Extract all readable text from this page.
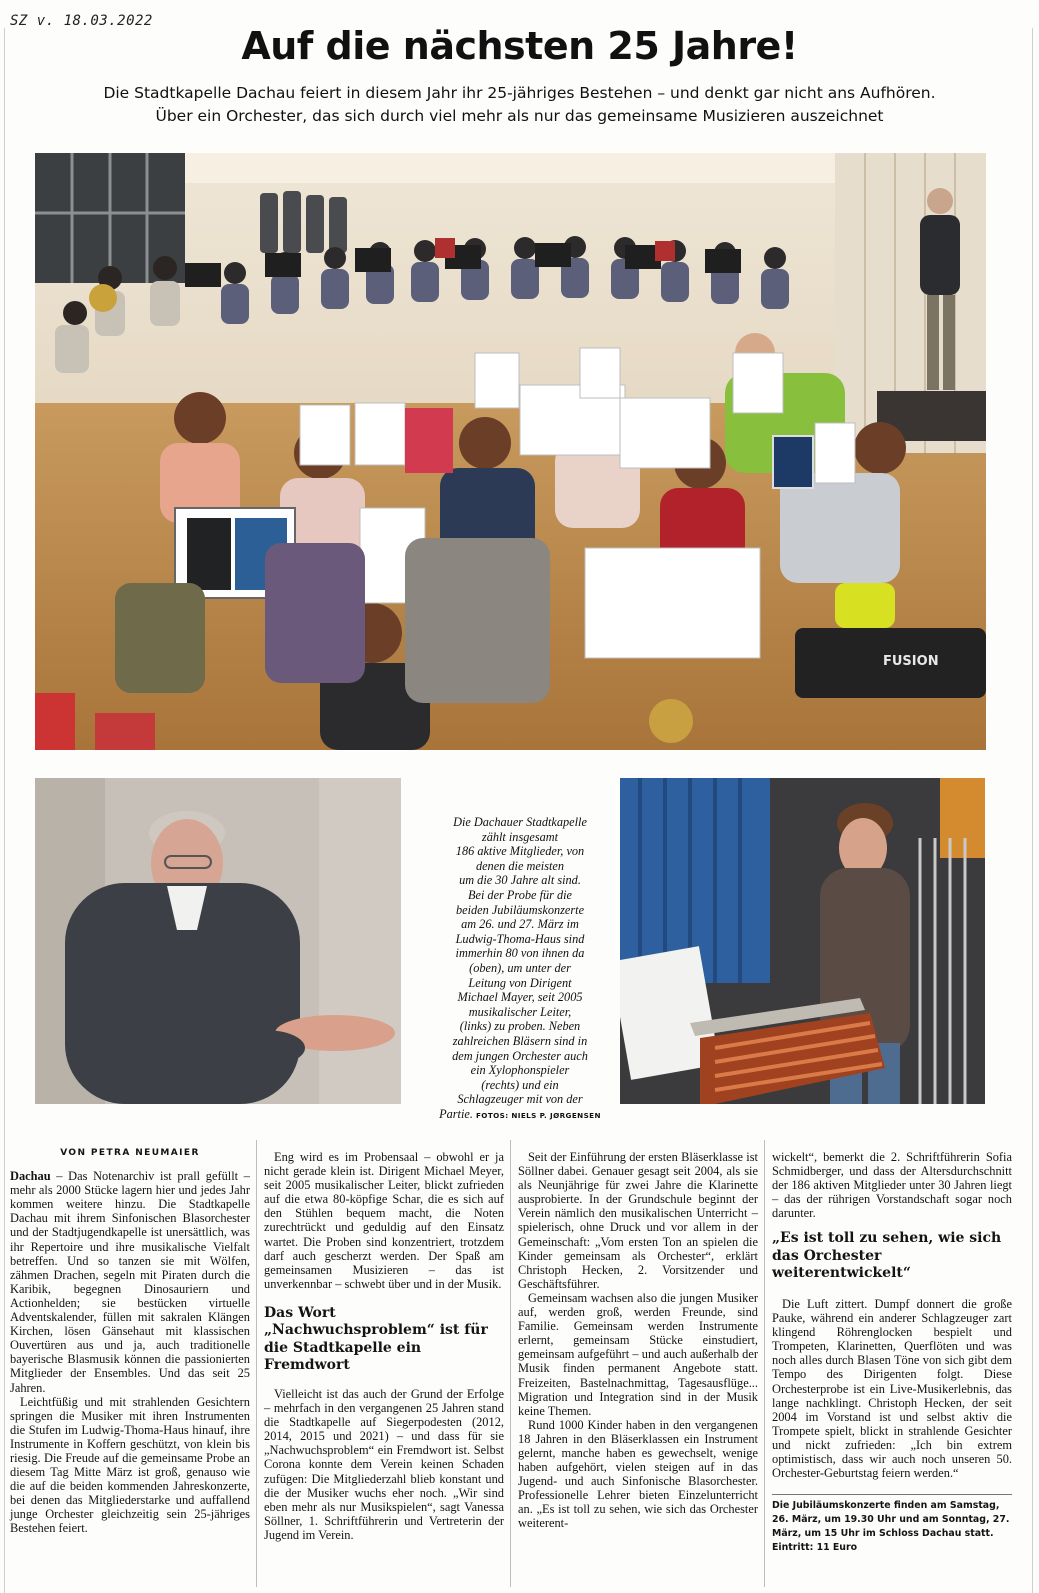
SZ v. 18.03.2022
Auf die nächsten 25 Jahre!
Die Stadtkapelle Dachau feiert in diesem Jahr ihr 25-jähriges Bestehen – und denkt gar nicht ans Aufhören.
Über ein Orchester, das sich durch viel mehr als nur das gemeinsame Musizieren auszeichnet
FUSION
Die Dachauer Stadtkapelle
zählt insgesamt
186 aktive Mitglieder, von
denen die meisten
um die 30 Jahre alt sind.
Bei der Probe für die
beiden Jubiläumskonzerte
am 26. und 27. März im
Ludwig-Thoma-Haus sind
immerhin 80 von ihnen da
(oben), um unter der
Leitung von Dirigent
Michael Mayer, seit 2005
musikalischer Leiter,
(links) zu proben. Neben
zahlreichen Bläsern sind in
dem jungen Orchester auch
ein Xylophonspieler
(rechts) und ein
Schlagzeuger mit von der
Partie. FOTOS: NIELS P. JØRGENSEN
VON PETRA NEUMAIER

Dachau – Das Notenarchiv ist prall gefüllt – mehr als 2000 Stücke lagern hier und jedes Jahr kommen weitere hinzu. Die Stadtkapelle Dachau mit ihrem Sinfonischen Blasorchester und der Stadtjugendkapelle ist unersättlich, was ihr Repertoire und ihre musikalische Vielfalt betreffen. Und so tanzen sie mit Wölfen, zähmen Drachen, segeln mit Piraten durch die Karibik, begegnen Dinosauriern und Actionhelden; sie bestücken virtuelle Adventskalender, füllen mit sakralen Klängen Kirchen, lösen Gänsehaut mit klassischen Ouvertüren aus und ja, auch traditionelle bayerische Blasmusik können die passionierten Mitglieder der Ensembles. Und das seit 25 Jahren.

Leichtfüßig und mit strahlenden Gesichtern springen die Musiker mit ihren Instrumenten die Stufen im Ludwig-Thoma-Haus hinauf, ihre Instrumente in Koffern geschützt, von klein bis riesig. Die Freude auf die gemeinsame Probe an diesem Tag Mitte März ist groß, genauso wie die auf die beiden kommenden Jahreskonzerte, bei denen das Mitgliederstarke und auffallend junge Orchester gleichzeitig sein 25-jähriges Bestehen feiert.

Eng wird es im Probensaal – obwohl er ja nicht gerade klein ist. Dirigent Michael Meyer, seit 2005 musikalischer Leiter, blickt zufrieden auf die etwa 80-köpfige Schar, die es sich auf den Stühlen bequem macht, die Noten zurechtrückt und geduldig auf den Einsatz wartet. Die Proben sind konzentriert, trotzdem darf auch gescherzt werden. Der Spaß am gemeinsamen Musizieren – das ist unverkennbar – schwebt über und in der Musik.

Das Wort „Nachwuchsproblem“ ist für die Stadtkapelle ein Fremdwort

Vielleicht ist das auch der Grund der Erfolge – mehrfach in den vergangenen 25 Jahren stand die Stadtkapelle auf Siegerpodesten (2012, 2014, 2015 und 2021) – und dass für sie „Nachwuchsproblem“ ein Fremdwort ist. Selbst Corona konnte dem Verein keinen Schaden zufügen: Die Mitgliederzahl blieb konstant und die der Musiker wuchs eher noch. „Wir sind eben mehr als nur Musikspielen“, sagt Vanessa Söllner, 1. Schriftführerin und Vertreterin der Jugend im Verein.

Seit der Einführung der ersten Bläserklasse ist Söllner dabei. Genauer gesagt seit 2004, als sie als Neunjährige für zwei Jahre die Klarinette ausprobierte. In der Grundschule beginnt der Verein nämlich den musikalischen Unterricht – spielerisch, ohne Druck und vor allem in der Gemeinschaft: „Vom ersten Ton an spielen die Kinder gemeinsam als Orchester“, erklärt Christoph Hecken, 2. Vorsitzender und Geschäftsführer.

Gemeinsam wachsen also die jungen Musiker auf, werden groß, werden Freunde, sind Familie. Gemeinsam werden Instrumente erlernt, gemeinsam Stücke einstudiert, gemeinsam aufgeführt – und auch außerhalb der Musik finden permanent Angebote statt. Freizeiten, Bastelnachmittag, Tagesausflüge... Migration und Integration sind in der Musik keine Themen.

Rund 1000 Kinder haben in den vergangenen 18 Jahren in den Bläserklassen ein Instrument gelernt, manche haben es gewechselt, wenige haben aufgehört, vielen steigen auf in das Jugend- und auch Sinfonische Blasorchester. Professionelle Lehrer bieten Einzelunterricht an. „Es ist toll zu sehen, wie sich das Orchester weiterent-

wickelt“, bemerkt die 2. Schriftführerin Sofia Schmidberger, und dass der Altersdurchschnitt der 186 aktiven Mitglieder unter 30 Jahren liegt – das der rührigen Vorstandschaft sogar noch darunter.

„Es ist toll zu sehen, wie sich das Orchester weiterentwickelt“

Die Luft zittert. Dumpf donnert die große Pauke, während ein anderer Schlagzeuger zart klingend Röhrenglocken bespielt und Trompeten, Klarinetten, Querflöten und was noch alles durch Blasen Töne von sich gibt dem Tempo des Dirigenten folgt. Diese Orchesterprobe ist ein Live-Musikerlebnis, das lange nachklingt. Christoph Hecken, der seit 2004 im Vorstand ist und selbst aktiv die Trompete spielt, blickt in strahlende Gesichter und nickt zufrieden: „Ich bin extrem optimistisch, dass wir auch noch unseren 50. Orchester-Geburtstag feiern werden.“

Die Jubiläumskonzerte finden am Samstag, 26. März, um 19.30 Uhr und am Sonntag, 27. März, um 15 Uhr im Schloss Dachau statt. Eintritt: 11 Euro
